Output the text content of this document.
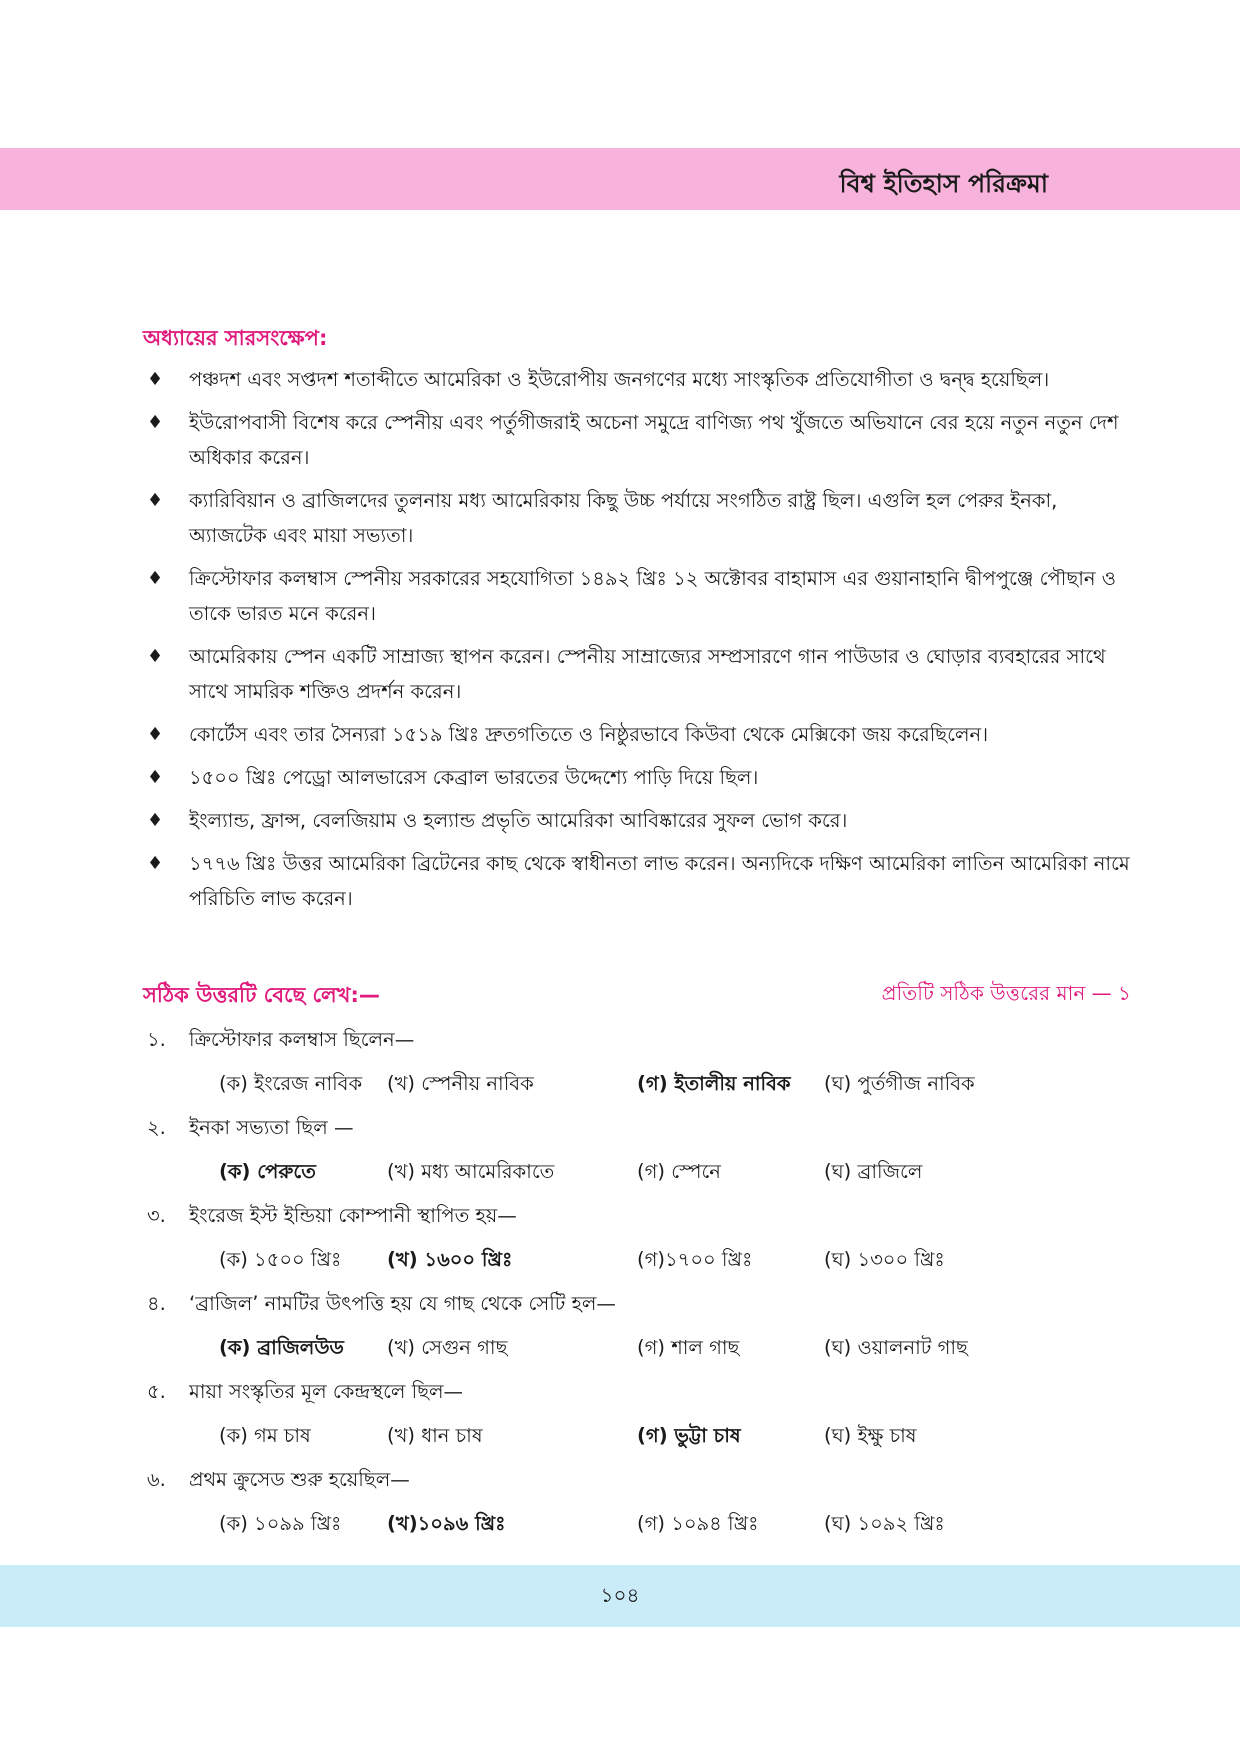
বিশ্ব ইতিহাস পরিক্রমা
অধ্যায়ের সারসংক্ষেপ:
♦ পঞ্চদশ এবং সপ্তদশ শতাব্দীতে আমেরিকা ও ইউরোপীয় জনগণের মধ্যে সাংস্কৃতিক প্রতিযোগীতা ও দ্বন্দ্ব হয়েছিল।
♦ ইউরোপবাসী বিশেষ করে স্পেনীয় এবং পর্তুগীজরাই অচেনা সমুদ্রে বাণিজ্য পথ খুঁজতে অভিযানে বের হয়ে নতুন নতুন দেশ অধিকার করেন।
♦ ক্যারিবিয়ান ও ব্রাজিলদের তুলনায় মধ্য আমেরিকায় কিছু উচ্চ পর্যায়ে সংগঠিত রাষ্ট্র ছিল। এগুলি হল পেরুর ইনকা, অ্যাজটেক এবং মায়া সভ্যতা।
♦ ক্রিস্টোফার কলম্বাস স্পেনীয় সরকারের সহযোগিতা ১৪৯২ খ্রিঃ ১২ অক্টোবর বাহামাস এর গুয়ানাহানি দ্বীপপুঞ্জে পৌছান ও তাকে ভারত মনে করেন।
♦ আমেরিকায় স্পেন একটি সাম্রাজ্য স্থাপন করেন। স্পেনীয় সাম্রাজ্যের সম্প্রসারণে গান পাউডার ও ঘোড়ার ব্যবহারের সাথে সাথে সামরিক শক্তিও প্রদর্শন করেন।
♦ কোর্টেস এবং তার সৈন্যরা ১৫১৯ খ্রিঃ দ্রুতগতিতে ও নিষ্ঠুরভাবে কিউবা থেকে মেক্সিকো জয় করেছিলেন।
♦ ১৫০০ খ্রিঃ পেড্রো আলভারেস কেব্রাল ভারতের উদ্দেশ্যে পাড়ি দিয়ে ছিল।
♦ ইংল্যান্ড, ফ্রান্স, বেলজিয়াম ও হল্যান্ড প্রভৃতি আমেরিকা আবিষ্কারের সুফল ভোগ করে।
♦ ১৭৭৬ খ্রিঃ উত্তর আমেরিকা ব্রিটেনের কাছ থেকে স্বাধীনতা লাভ করেন। অন্যদিকে দক্ষিণ আমেরিকা লাতিন আমেরিকা নামে পরিচিতি লাভ করেন।
সঠিক উত্তরটি বেছে লেখ:—	প্রতিটি সঠিক উত্তরের মান — ১
১. ক্রিস্টোফার কলম্বাস ছিলেন—
(ক) ইংরেজ নাবিক (খ) স্পেনীয় নাবিক	(গ) ইতালীয় নাবিক (ঘ) পুর্তগীজ নাবিক
২. ইনকা সভ্যতা ছিল —
(ক) পেরুতে	(খ) মধ্য আমেরিকাতে	(গ) স্পেনে	(ঘ) ব্রাজিলে
৩. ইংরেজ ইস্ট ইন্ডিয়া কোম্পানী স্থাপিত হয়—
(ক) ১৫০০ খ্রিঃ (খ) ১৬০০ খ্রিঃ	(গ)১৭০০ খ্রিঃ	(ঘ) ১৩০০ খ্রিঃ
৪. ‘ব্রাজিল’ নামটির উৎপত্তি হয় যে গাছ থেকে সেটি হল—
(ক) ব্রাজিলউড (খ) সেগুন গাছ	(গ) শাল গাছ	(ঘ) ওয়ালনাট গাছ
৫. মায়া সংস্কৃতির মূল কেন্দ্রস্থলে ছিল—
(ক) গম চাষ	(খ) ধান চাষ	(গ) ভুট্টা চাষ	(ঘ) ইক্ষু চাষ
৬. প্রথম ক্রুসেড শুরু হয়েছিল—
(ক) ১০৯৯ খ্রিঃ (খ)১০৯৬ খ্রিঃ	(গ) ১০৯৪ খ্রিঃ	(ঘ) ১০৯২ খ্রিঃ
১০৪
